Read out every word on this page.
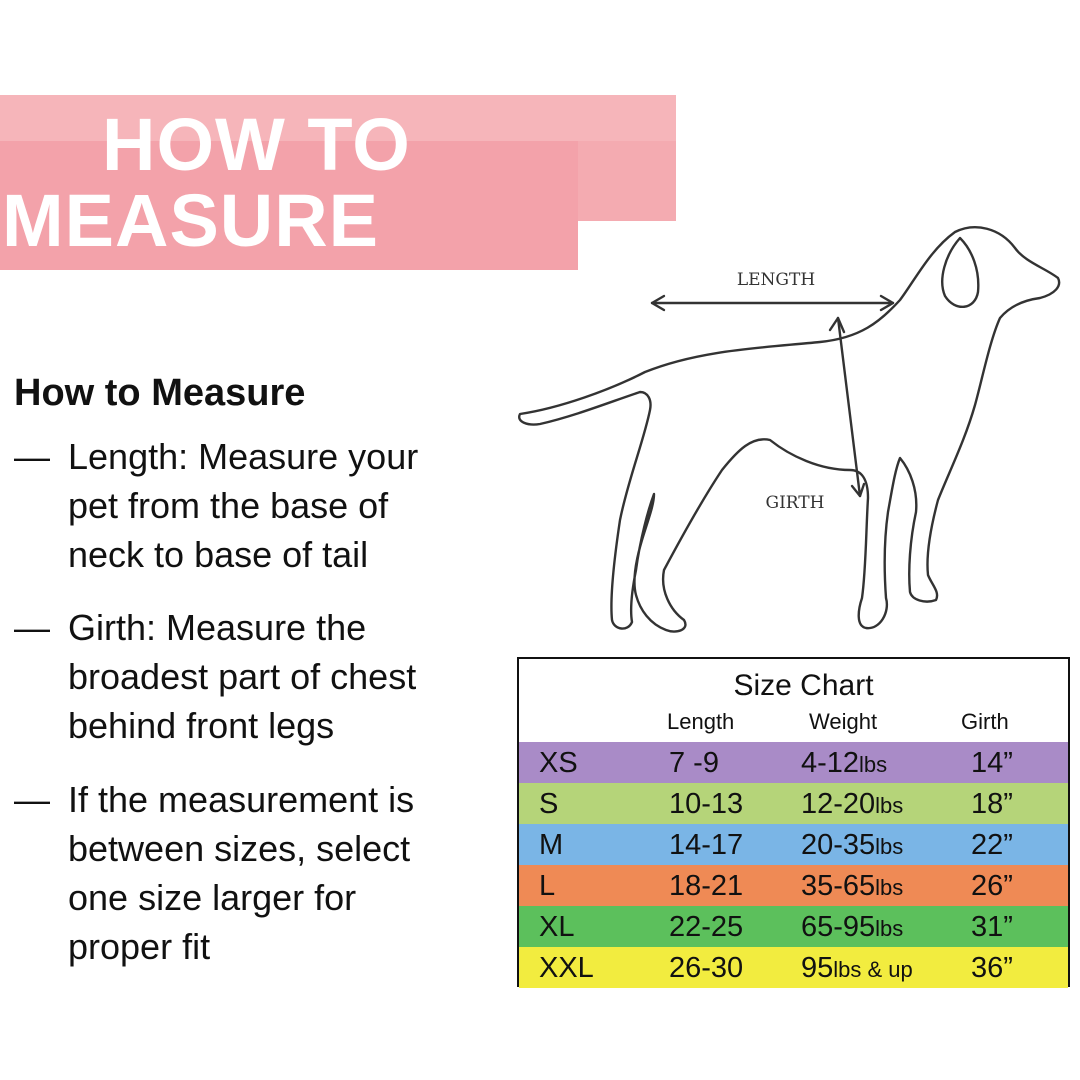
HOW TO
MEASURE
How to Measure
— Length: Measure your
pet from the base of
neck to base of tail
— Girth: Measure the
broadest part of chest
behind front legs
— If the measurement is
between sizes, select
one size larger for
proper fit
LENGTH
GIRTH
Size Chart
Length	Weight	Girth
XS	7 -9	4-12lbs	14”
S	10-13 12-20lbs 18”
M	14-17 20-35lbs 22”
L	18-21 35-65lbs 26”
XL	22-25 65-95lbs 31”
XXL	26-30 95lbs & up 36”
